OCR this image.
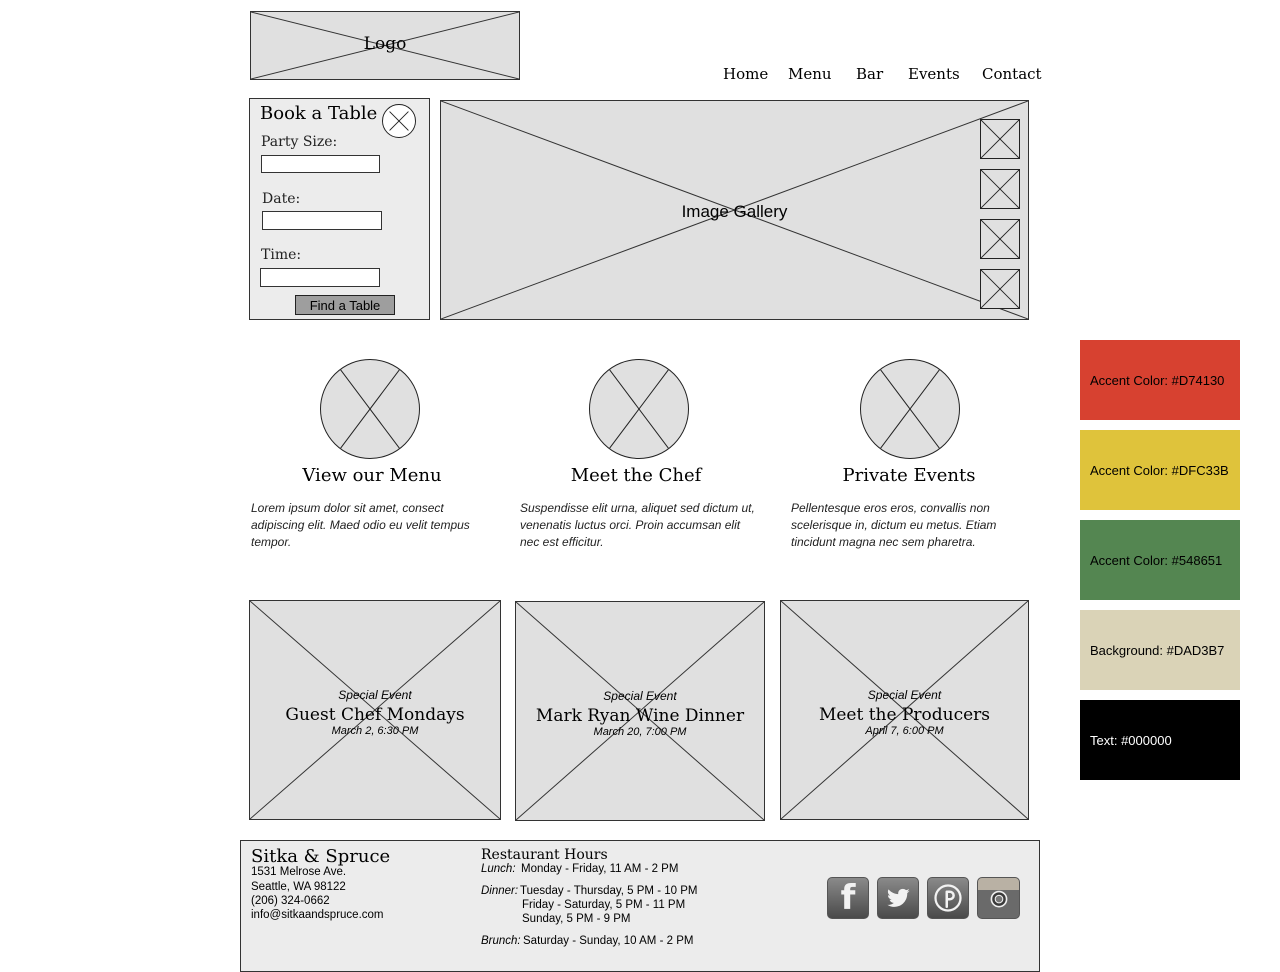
Logo
Home Menu Bar Events Contact
Book a Table
Party Size:
Date:
Time:
Find a Table
Image Gallery
View our Menu	Meet the Chef	Private Events

Lorem ipsum dolor sit amet, consect adipiscing elit. Maed odio eu velit tempus tempor.

Suspendisse elit urna, aliquet sed dictum ut, venenatis luctus orci. Proin accumsan elit nec est efficitur.

Pellentesque eros eros, convallis non scelerisque in, dictum eu metus. Etiam tincidunt magna nec sem pharetra.

Special Event
Guest Chef Mondays
March 2, 6:30 PM
Special Event
Mark Ryan Wine Dinner
March 20, 7:00 PM
Special Event
Meet the Producers
April 7, 6:00 PM
Sitka & Spruce
1531 Melrose Ave.
Seattle, WA 98122
(206) 324-0662
info@sitkaandspruce.com
Restaurant Hours
Lunch: Monday - Friday, 11 AM - 2 PM
Dinner: Tuesday - Thursday, 5 PM - 10 PM
Friday - Saturday, 5 PM - 11 PM
Sunday, 5 PM - 9 PM
Brunch: Saturday - Sunday, 10 AM - 2 PM
f
Accent Color: #D74130
Accent Color: #DFC33B
Accent Color: #548651
Background: #DAD3B7
Text: #000000
